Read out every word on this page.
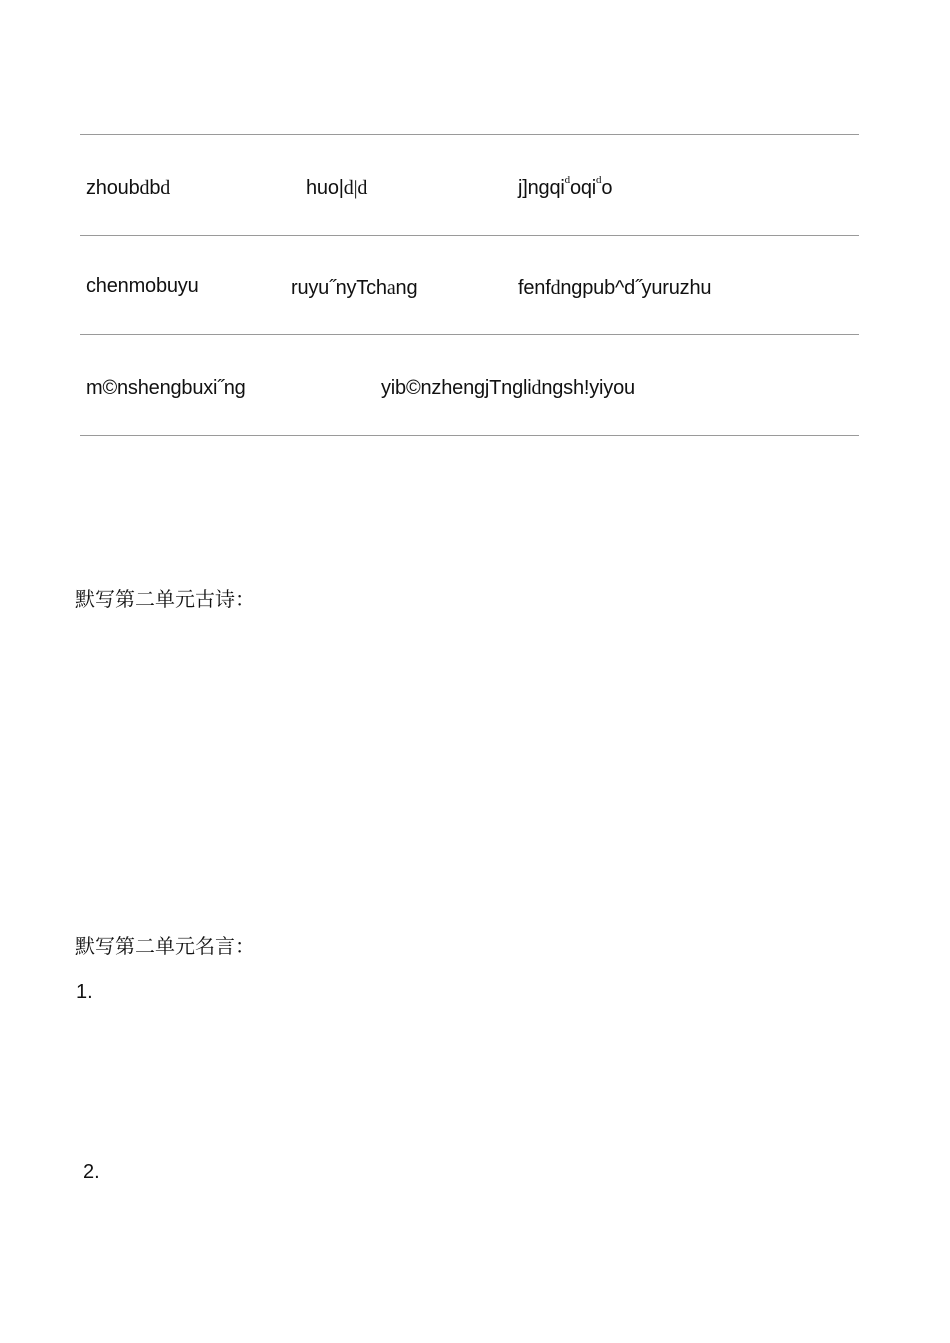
zhoubdbd	huo|d|d	j]ngqi$^d$oqi$^d$o
chenmobuyu	ruyu˝nyTchang	fenfdngpub^d˝yuruzhu
m©nshengbuxi˝ng	yib©nzhengjTnglidngsh!yiyou
默写第二单元古诗：
默写第二单元名言：
1.
2.
